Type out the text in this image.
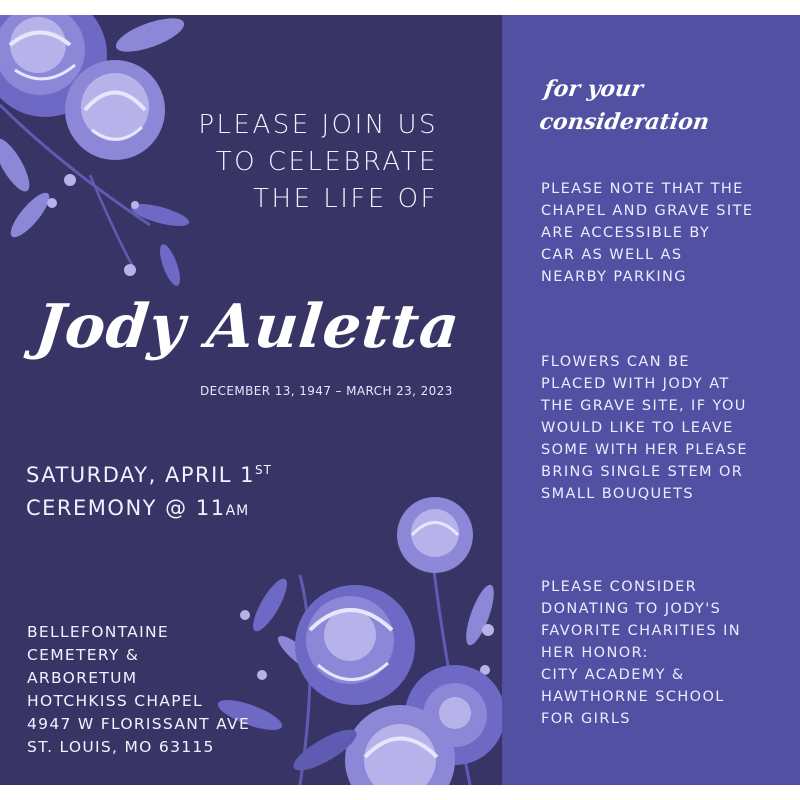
PLEASE JOIN US
TO CELEBRATE
THE LIFE OF
Jody Auletta
DECEMBER 13, 1947 – MARCH 23, 2023
SATURDAY, APRIL 1ST
CEREMONY @ 11AM
BELLEFONTAINE
CEMETERY &
ARBORETUM
HOTCHKISS CHAPEL
4947 W FLORISSANT AVE
ST. LOUIS, MO 63115
for your
consideration
PLEASE NOTE THAT THE
CHAPEL AND GRAVE SITE
ARE ACCESSIBLE BY
CAR AS WELL AS
NEARBY PARKING
FLOWERS CAN BE
PLACED WITH JODY AT
THE GRAVE SITE, IF YOU
WOULD LIKE TO LEAVE
SOME WITH HER PLEASE
BRING SINGLE STEM OR
SMALL BOUQUETS
PLEASE CONSIDER
DONATING TO JODY'S
FAVORITE CHARITIES IN
HER HONOR:
CITY ACADEMY &
HAWTHORNE SCHOOL
FOR GIRLS
